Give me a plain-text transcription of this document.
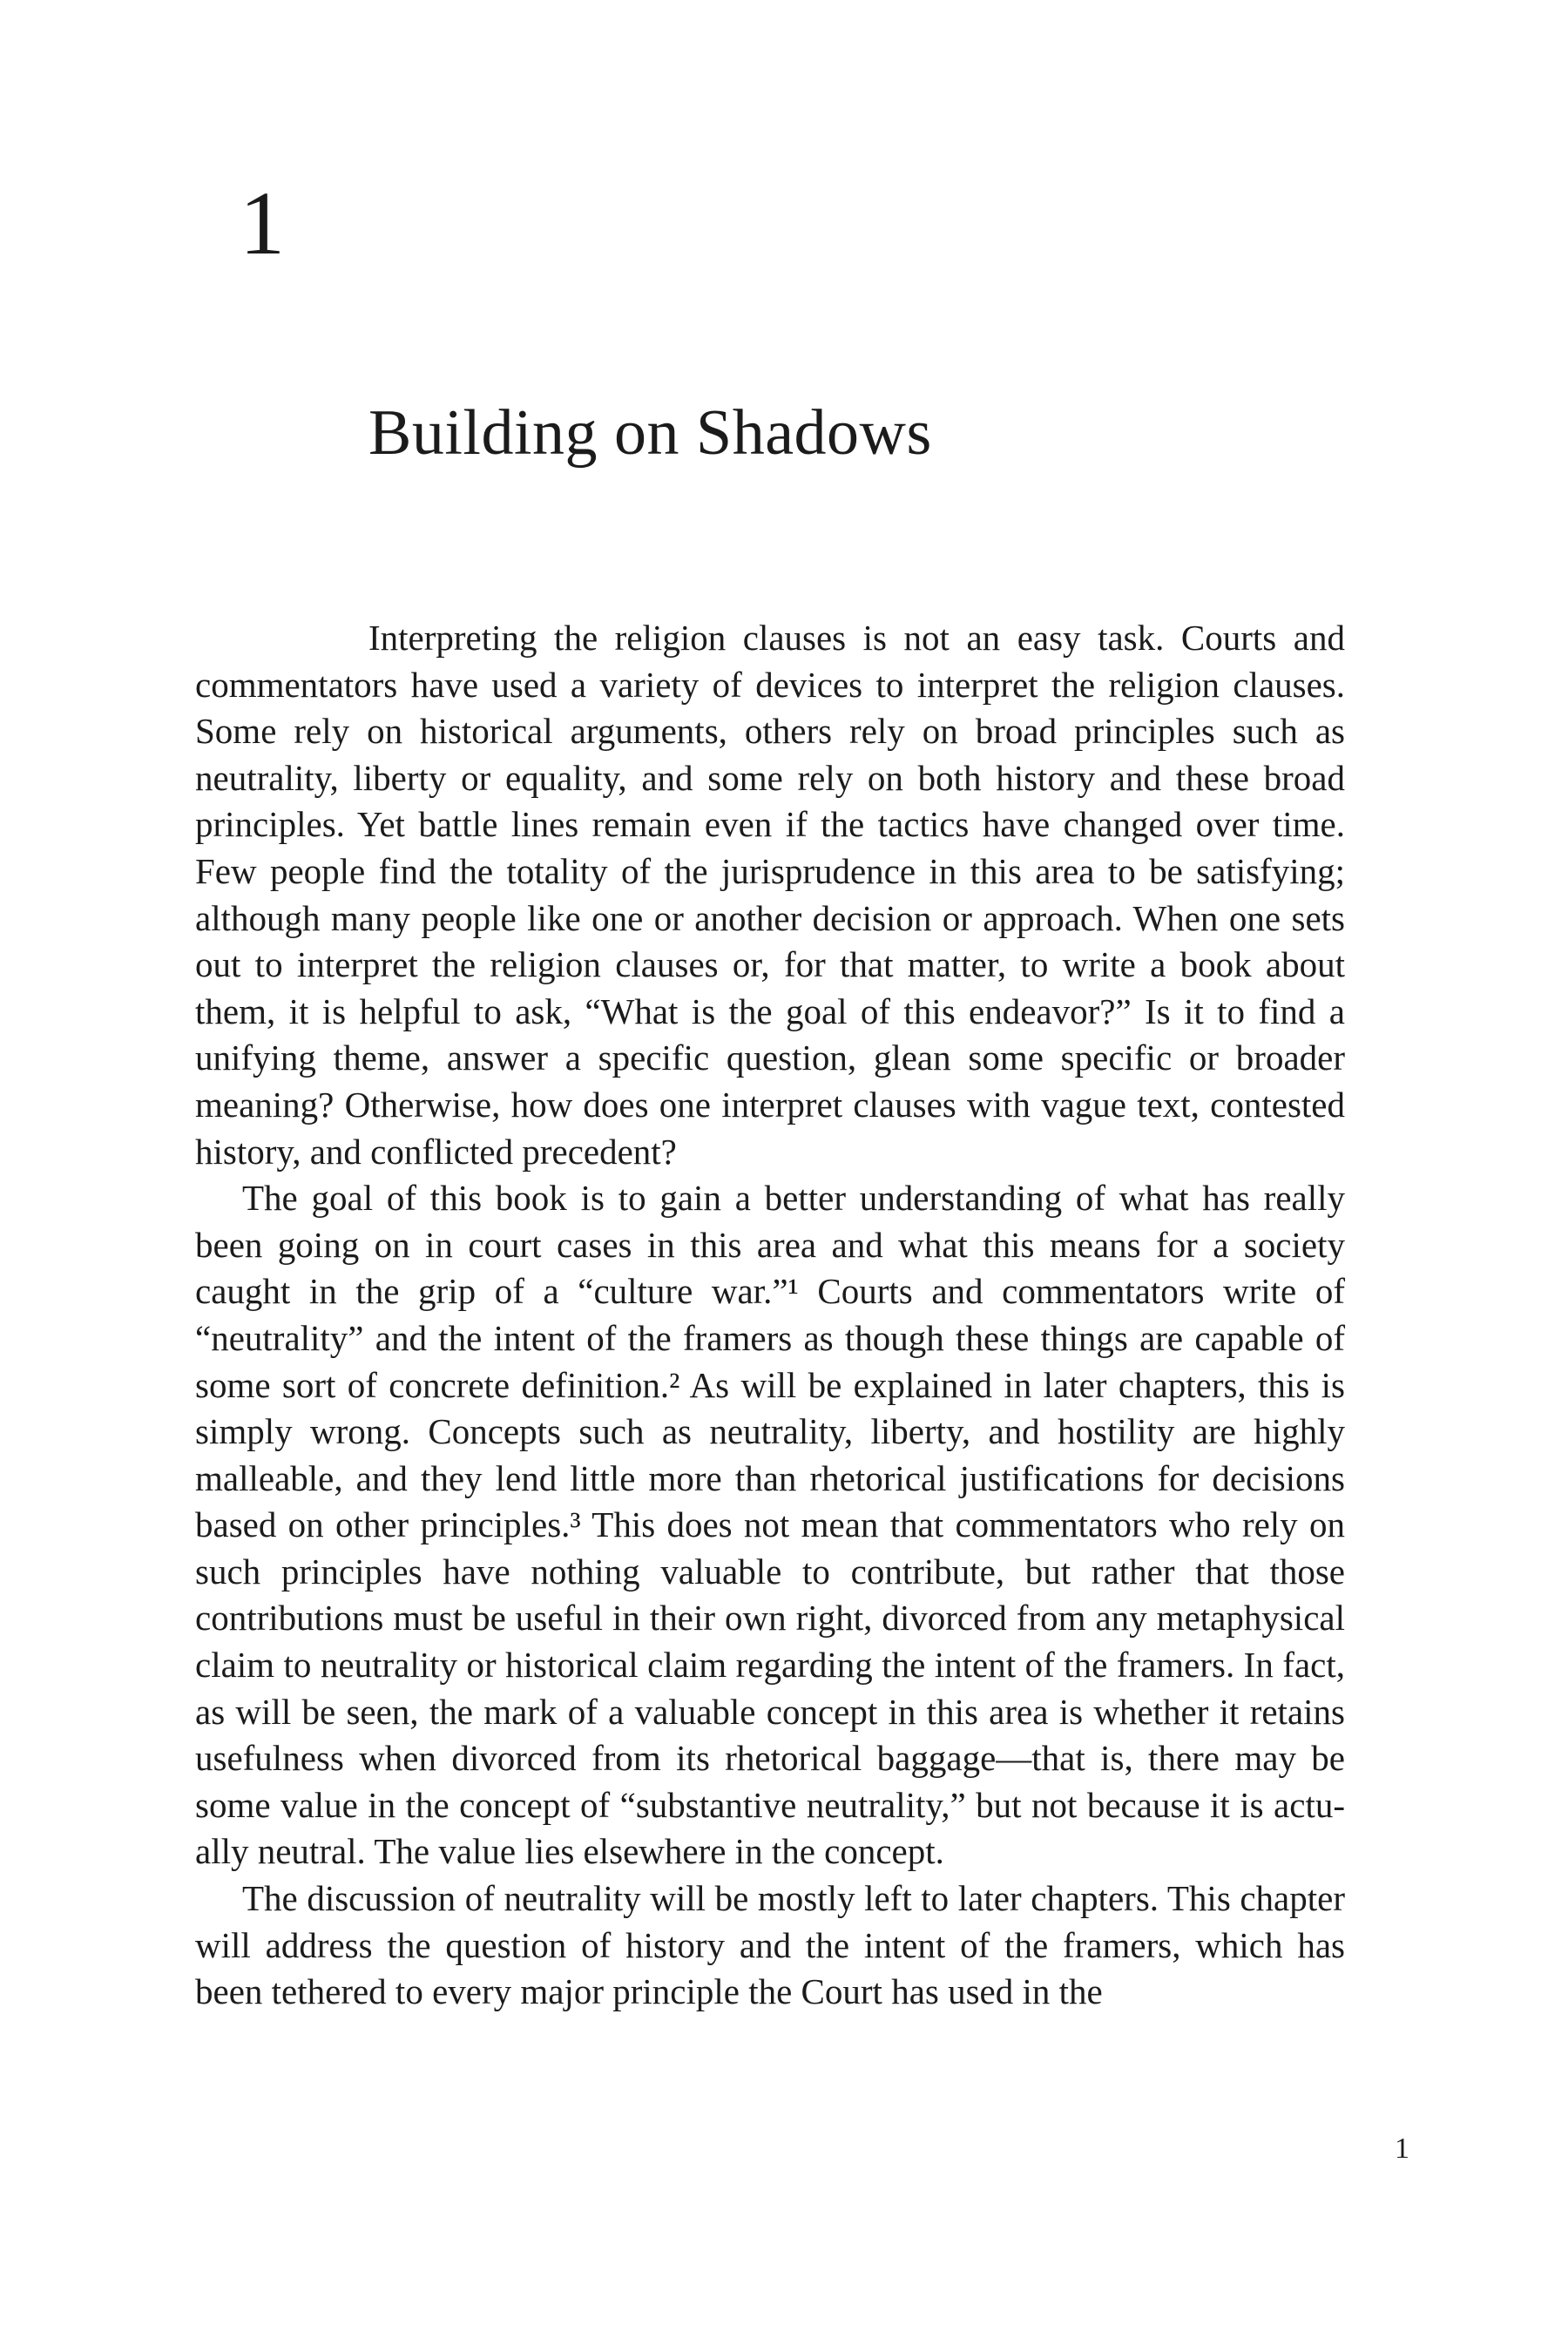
1
Building on Shadows

Interpreting the religion clauses is not an easy task. Courts and commentators have used a variety of devices to interpret the religion clauses. Some rely on historical arguments, others rely on broad principles such as neutrality, liberty or equality, and some rely on both history and these broad principles. Yet battle lines remain even if the tactics have changed over time. Few people find the totality of the jurisprudence in this area to be satisfying; although many people like one or another decision or approach. When one sets out to interpret the religion clauses or, for that matter, to write a book about them, it is helpful to ask, “What is the goal of this endeavor?” Is it to find a unifying theme, answer a specific question, glean some specific or broader meaning? Otherwise, how does one interpret clauses with vague text, contested history, and conflicted precedent?

The goal of this book is to gain a better understanding of what has really been going on in court cases in this area and what this means for a society caught in the grip of a “culture war.”¹ Courts and commentators write of “neutrality” and the intent of the framers as though these things are capable of some sort of concrete definition.² As will be explained in later chapters, this is simply wrong. Concepts such as neutrality, liberty, and hostility are highly malleable, and they lend little more than rhetorical justifications for decisions based on other principles.³ This does not mean that commentators who rely on such principles have nothing valuable to contribute, but rather that those contributions must be useful in their own right, divorced from any metaphysical claim to neutrality or historical claim regarding the intent of the framers. In fact, as will be seen, the mark of a valuable concept in this area is whether it retains usefulness when divorced from its rhetorical baggage—that is, there may be some value in the concept of “substantive neutrality,” but not because it is actually neutral. The value lies elsewhere in the concept.

The discussion of neutrality will be mostly left to later chapters. This chapter will address the question of history and the intent of the framers, which has been tethered to every major principle the Court has used in the

1
